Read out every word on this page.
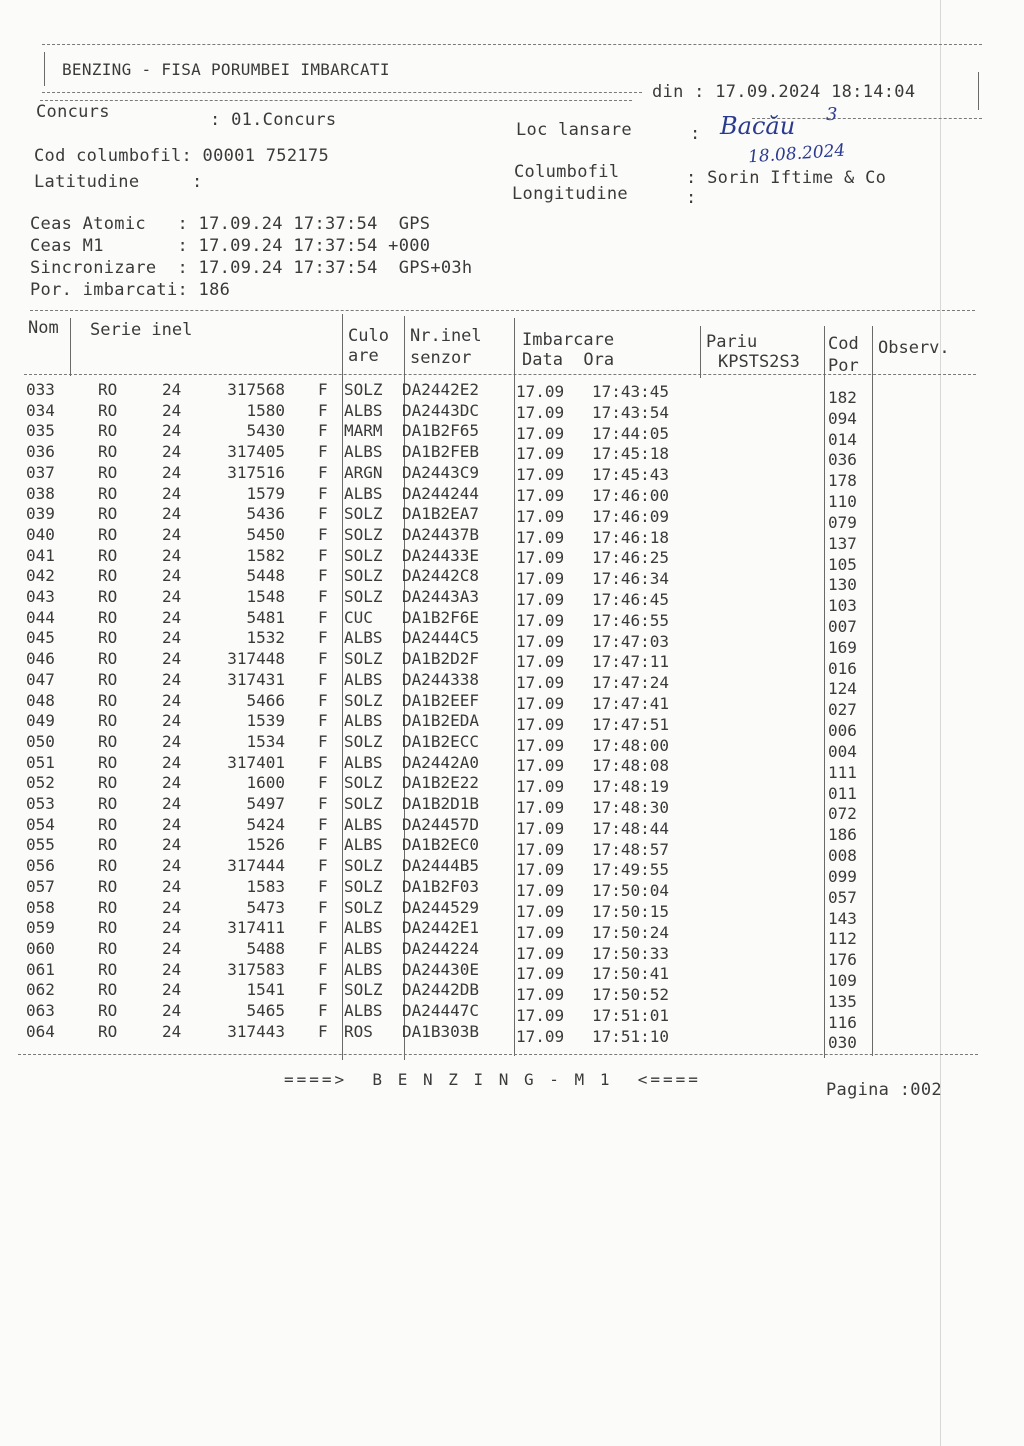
BENZING - FISA PORUMBEI IMBARCATI
din : 17.09.2024 18:14:04
Concurs	: 01.Concurs	Loc lansare	: Bacău 3
18.08.2024
Cod columbofil: 00001 752175
Columbofil	: Sorin Iftime & Co
Latitudine     :
Longitudine	:
Ceas Atomic   : 17.09.24 17:37:54  GPS
Ceas M1       : 17.09.24 17:37:54 +000
Sincronizare  : 17.09.24 17:37:54  GPS+03h
Por. imbarcati: 186
Nom Serie inel	Culo
are
Nr.inel
senzor
Imbarcare
Data  Ora
Pariu
KPSTS2S3
Cod
Por
Observ.
033	RO	24	317568 F SOLZ DA2442E2 17.09 17:43:45	182
034	RO	24	1580 F ALBS DA2443DC 17.09 17:43:54	094
035	RO	24	5430 F MARM DA1B2F65 17.09 17:44:05	014
036	RO	24	317405 F ALBS DA1B2FEB 17.09 17:45:18	036
037	RO	24	317516 F ARGN DA2443C9 17.09 17:45:43	178
038	RO	24	1579 F ALBS DA244244 17.09 17:46:00	110
039	RO	24	5436 F SOLZ DA1B2EA7 17.09 17:46:09	079
040	RO	24	5450 F SOLZ DA24437B 17.09 17:46:18	137
041	RO	24	1582 F SOLZ DA24433E 17.09 17:46:25	105
042	RO	24	5448 F SOLZ DA2442C8 17.09 17:46:34	130
043	RO	24	1548 F SOLZ DA2443A3 17.09 17:46:45	103
044	RO	24	5481 F CUC DA1B2F6E 17.09 17:46:55	007
045	RO	24	1532 F ALBS DA2444C5 17.09 17:47:03	169
046	RO	24	317448 F SOLZ DA1B2D2F 17.09 17:47:11	016
047	RO	24	317431 F ALBS DA244338 17.09 17:47:24	124
048	RO	24	5466 F SOLZ DA1B2EEF 17.09 17:47:41	027
049	RO	24	1539 F ALBS DA1B2EDA 17.09 17:47:51	006
050	RO	24	1534 F SOLZ DA1B2ECC 17.09 17:48:00	004
051	RO	24	317401 F ALBS DA2442A0 17.09 17:48:08	111
052	RO	24	1600 F SOLZ DA1B2E22 17.09 17:48:19	011
053	RO	24	5497 F SOLZ DA1B2D1B 17.09 17:48:30	072
054	RO	24	5424 F ALBS DA24457D 17.09 17:48:44	186
055	RO	24	1526 F ALBS DA1B2EC0 17.09 17:48:57	008
056	RO	24	317444 F SOLZ DA2444B5 17.09 17:49:55	099
057	RO	24	1583 F SOLZ DA1B2F03 17.09 17:50:04	057
058	RO	24	5473 F SOLZ DA244529 17.09 17:50:15	143
059	RO	24	317411 F ALBS DA2442E1 17.09 17:50:24	112
060	RO	24	5488 F ALBS DA244224 17.09 17:50:33	176
061	RO	24	317583 F ALBS DA24430E 17.09 17:50:41	109
062	RO	24	1541 F SOLZ DA2442DB 17.09 17:50:52	135
063	RO	24	5465 F ALBS DA24447C 17.09 17:51:01	116
064	RO	24	317443 F ROS DA1B303B 17.09 17:51:10	030
====>  B E N Z I N G - M 1  <====
Pagina :002
